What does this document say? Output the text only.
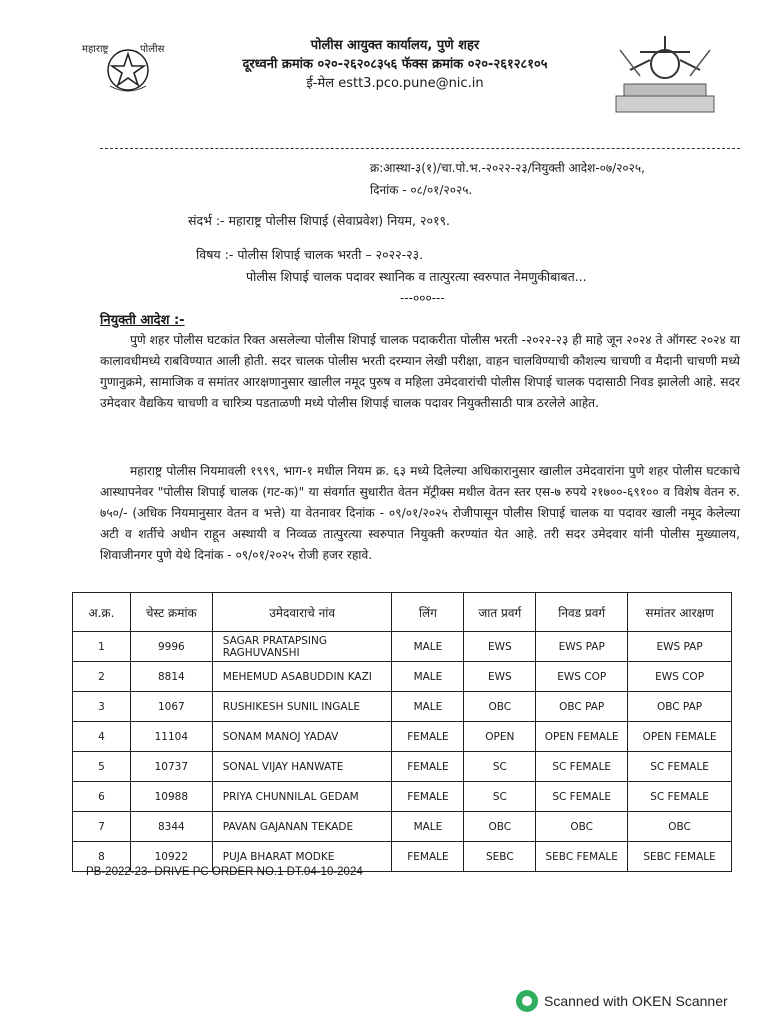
महाराष्ट्र	पोलीस	पोलीस आयुक्त कार्यालय, पुणे शहर
दूरध्वनी क्रमांक ०२०-२६२०८३५६ फॅक्स क्रमांक ०२०-२६१२८१०५
ई-मेल estt3.pco.pune@nic.in
क्र:आस्था-३(१)/चा.पो.भ.-२०२२-२३/नियुक्ती आदेश-०७/२०२५,
दिनांक - ०८/०१/२०२५.
संदर्भ :- महाराष्ट्र पोलीस शिपाई (सेवाप्रवेश) नियम, २०१९.
विषय :- पोलीस शिपाई चालक भरती – २०२२-२३.
पोलीस शिपाई चालक पदावर स्थानिक व तात्पुरत्या स्वरुपात नेमणुकीबाबत...
---०००---
नियुक्ती आदेश :-
पुणे शहर पोलीस घटकांत रिक्त असलेल्या पोलीस शिपाई चालक पदाकरीता पोलीस भरती -२०२२-२३ ही माहे जून २०२४ ते ऑगस्ट २०२४ या कालावधीमध्ये राबविण्यात आली होती. सदर चालक पोलीस भरती दरम्यान लेखी परीक्षा, वाहन चालविण्याची कौशल्य चाचणी व मैदानी चाचणी मध्ये गुणानुक्रमे, सामाजिक व समांतर आरक्षणानुसार खालील नमूद पुरुष व महिला उमेदवारांची पोलीस शिपाई चालक पदासाठी निवड झालेली आहे. सदर उमेदवार वैद्यकिय चाचणी व चारित्र्य पडताळणी मध्ये पोलीस शिपाई चालक पदावर नियुक्तीसाठी पात्र ठरलेले आहेत.
महाराष्ट्र पोलीस नियमावली १९९९, भाग-१ मधील नियम क्र. ६३ मध्ये दिलेल्या अधिकारानुसार खालील उमेदवारांना पुणे शहर पोलीस घटकाचे आस्थापनेवर "पोलीस शिपाई चालक (गट-क)" या संवर्गात सुधारीत वेतन मॅट्रीक्स मधील वेतन स्तर एस-७ रुपये २१७००-६९१०० व विशेष वेतन रु. ७५०/- (अधिक नियमानुसार वेतन व भत्ते) या वेतनावर दिनांक - ०९/०१/२०२५ रोजीपासून पोलीस शिपाई चालक या पदावर खाली नमूद केलेल्या अटी व शर्तीचे अधीन राहून अस्थायी व निव्वळ तात्पुरत्या स्वरुपात नियुक्ती करण्यांत येत आहे. तरी सदर उमेदवार यांनी पोलीस मुख्यालय, शिवाजीनगर पुणे येथे दिनांक - ०९/०१/२०२५ रोजी हजर रहावे.
अ.क्र.	चेस्ट क्रमांक	उमेदवाराचे नांव	लिंग	जात प्रवर्ग	निवड प्रवर्ग	समांतर आरक्षण
1	9996	SAGAR PRATAPSING RAGHUVANSHI	MALE	EWS	EWS PAP	EWS PAP
2	8814	MEHEMUD ASABUDDIN KAZI	MALE	EWS	EWS COP	EWS COP
3	1067	RUSHIKESH SUNIL INGALE	MALE	OBC	OBC PAP	OBC PAP
4	11104	SONAM MANOJ YADAV	FEMALE	OPEN	OPEN FEMALE	OPEN FEMALE
5	10737	SONAL VIJAY HANWATE	FEMALE	SC	SC FEMALE	SC FEMALE
6	10988	PRIYA CHUNNILAL GEDAM	FEMALE	SC	SC FEMALE	SC FEMALE
7	8344	PAVAN GAJANAN TEKADE	MALE	OBC	OBC	OBC
8	10922	PUJA BHARAT MODKE	FEMALE	SEBC	SEBC FEMALE	SEBC FEMALE
PB-2022-23- DRIVE PC ORDER NO.1 DT.04-10-2024
Scanned with OKEN Scanner
